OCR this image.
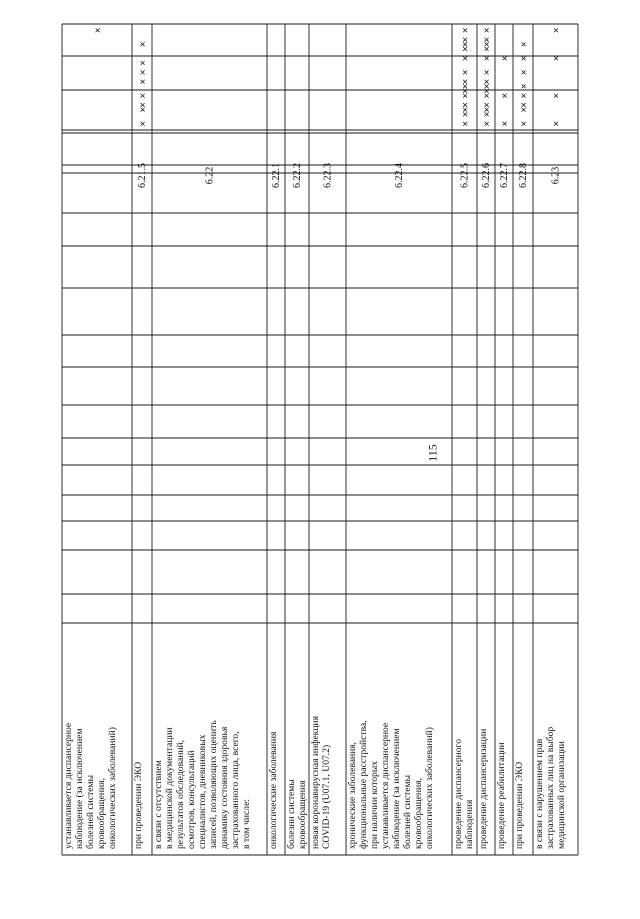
115
устанавливается диспансерное наблюдение (за исключением болезней системы кровообращения, онкологических заболеваний)
×
6.21.5
при проведении ЭКО
×
×
×
×
×
×
×
×
6.22
в связи с отсутствием в медицинской документации результатов обследований, осмотров, консультаций специалистов, дневниковых записей, позволяющих оценить динамику состояния здоровья застрахованного лица, всего, в том числе:
6.22.1
онкологические заболевания
6.22.2
болезни системы кровообращения
6.22.3
новая коронавирусная инфекция COVID-19 (U07.1, U07.2)
6.22.4
хронические заболевания, функциональные расстройства, при наличии которых устанавливается диспансерное наблюдение (за исключением болезней системы кровообращения, онкологических заболеваний)
6.22.5
проведение диспансерного наблюдения
×
×
×
×
×
×
×
×
×
×
×
×
×
×
6.22.6
проведение диспансеризации
×
×
×
×
×
×
×
×
×
×
×
×
×
×
6.22.7
проведение реабилитации
×
×
×
6.22.8
при проведении ЭКО
×
×
×
×
×
×
×
×
6.23
в связи с нарушением прав застрахованных лиц на выбор медицинской организации
×
×
×
×
